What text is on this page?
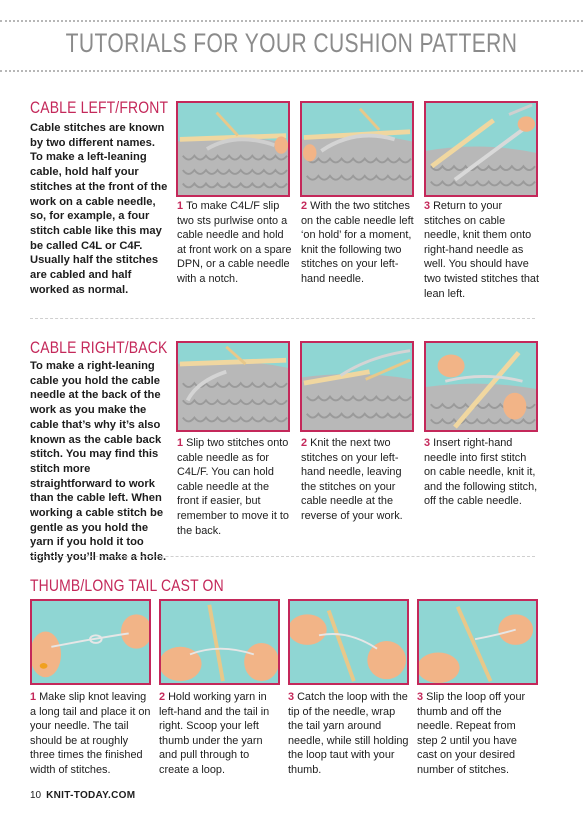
TUTORIALS FOR YOUR CUSHION PATTERN
CABLE LEFT/FRONT
Cable stitches are known by two different names. To make a left-leaning cable, hold half your stitches at the front of the work on a cable needle, so, for example, a four stitch cable like this may be called C4L or C4F. Usually half the stitches are cabled and half worked as normal.
1 To make C4L/F slip two sts purlwise onto a cable needle and hold at front work on a spare DPN, or a cable needle with a notch.
2 With the two stitches on the cable needle left ‘on hold’ for a moment, knit the following two stitches on your left-hand needle.
3 Return to your stitches on cable needle, knit them onto right-hand needle as well. You should have two twisted stitches that lean left.
CABLE RIGHT/BACK
To make a right-leaning cable you hold the cable needle at the back of the work as you make the cable that’s why it’s also known as the cable back stitch. You may find this stitch more straightforward to work than the cable left. When working a cable stitch be gentle as you hold the yarn if you hold it too tightly you’ll make a hole.
1 Slip two stitches onto cable needle as for C4L/F. You can hold cable needle at the front if easier, but remember to move it to the back.
2 Knit the next two stitches on your left-hand needle, leaving the stitches on your cable needle at the reverse of your work.
3 Insert right-hand needle into first stitch on cable needle, knit it, and the following stitch, off the cable needle.
THUMB/LONG TAIL CAST ON
1 Make slip knot leaving a long tail and place it on your needle. The tail should be at roughly three times the finished width of stitches.
2 Hold working yarn in left-hand and the tail in right. Scoop your left thumb under the yarn and pull through to create a loop.
3 Catch the loop with the tip of the needle, wrap the tail yarn around needle, while still holding the loop taut with your thumb.
3 Slip the loop off your thumb and off the needle. Repeat from step 2 until you have cast on your desired number of stitches.
10 KNIT-TODAY.COM
